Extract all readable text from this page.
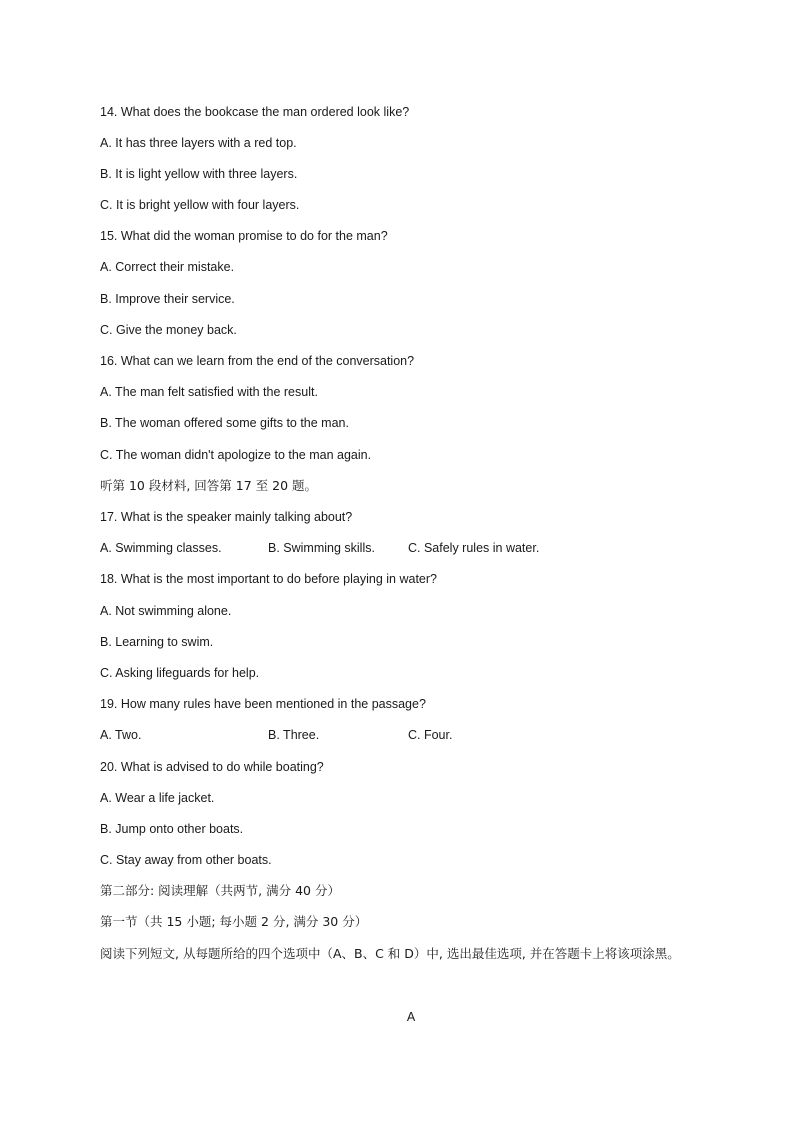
14. What does the bookcase the man ordered look like?
A. It has three layers with a red top.
B. It is light yellow with three layers.
C. It is bright yellow with four layers.
15. What did the woman promise to do for the man?
A. Correct their mistake.
B. Improve their service.
C. Give the money back.
16. What can we learn from the end of the conversation?
A. The man felt satisfied with the result.
B. The woman offered some gifts to the man.
C. The woman didn't apologize to the man again.
听第 10 段材料, 回答第 17 至 20 题。
17. What is the speaker mainly talking about?
A. Swimming classes.	B. Swimming skills.	C. Safely rules in water.
18. What is the most important to do before playing in water?
A. Not swimming alone.
B. Learning to swim.
C. Asking lifeguards for help.
19. How many rules have been mentioned in the passage?
A. Two.	B. Three.	C. Four.
20. What is advised to do while boating?
A. Wear a life jacket.
B. Jump onto other boats.
C. Stay away from other boats.
第二部分: 阅读理解（共两节, 满分 40 分）
第一节（共 15 小题; 每小题 2 分, 满分 30 分）
阅读下列短文, 从每题所给的四个选项中（A、B、C 和 D）中, 选出最佳选项, 并在答题卡上将该项涂黑。
A
